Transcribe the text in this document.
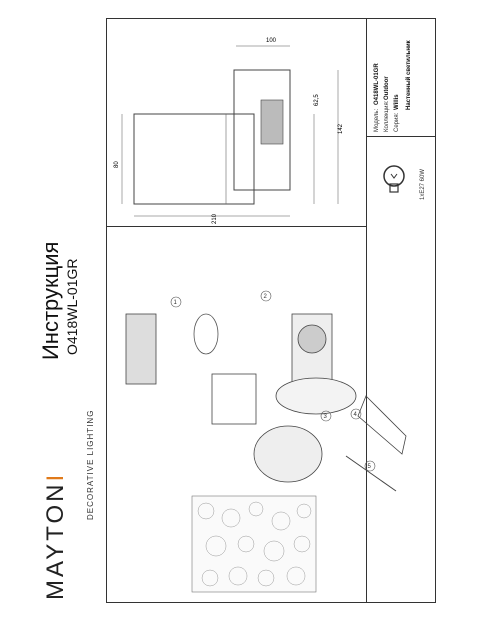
MAYTONI DECORATIVE LIGHTING
Инструкция O418WL-01GR
100
62,5
142
80
210
Модель:
O418WL-01GR
Коллекция:
Outdoor
Серия:
Willis Настенный светильник
1xE27 60W
1
2
3	4
5
